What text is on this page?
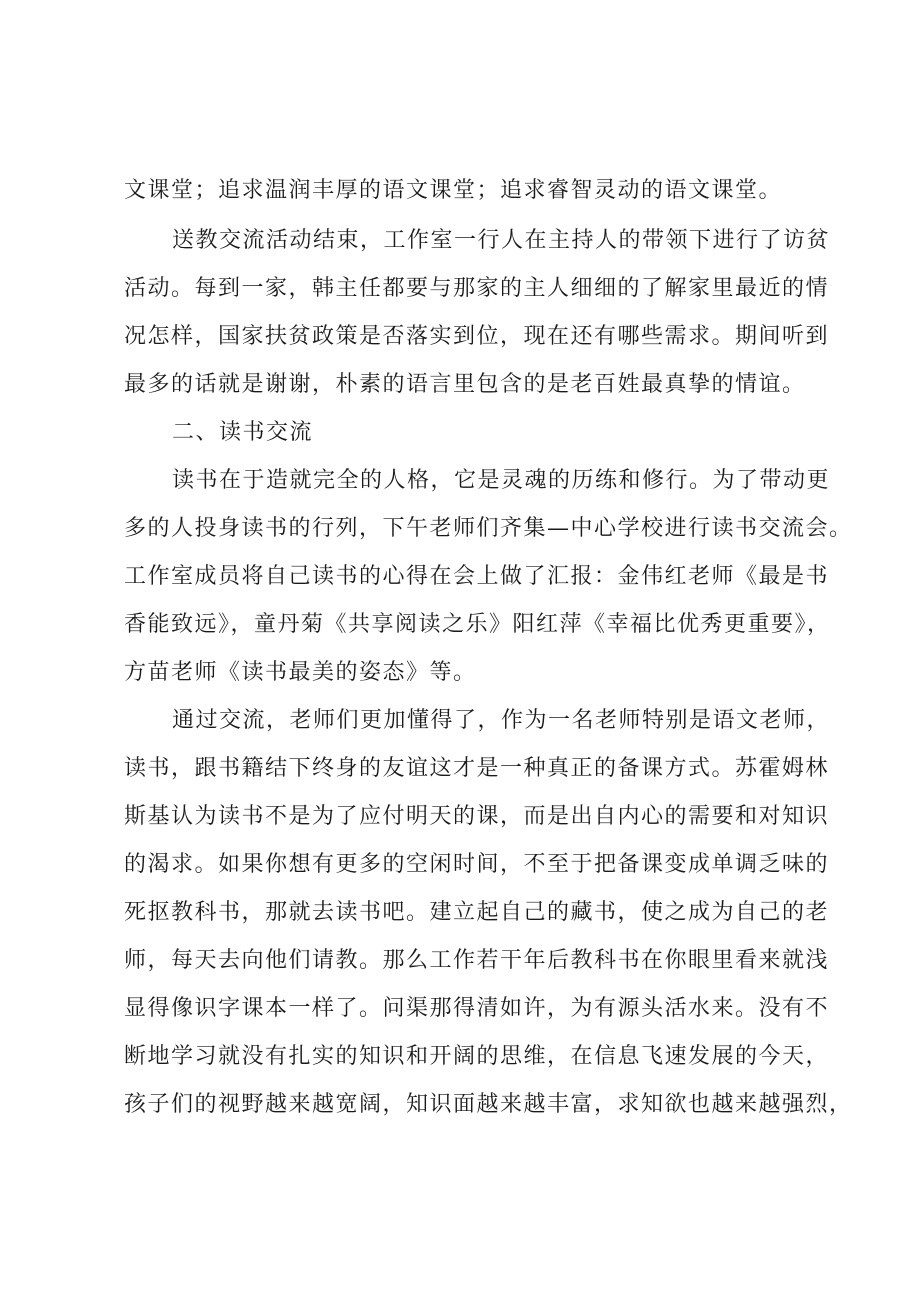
文课堂；追求温润丰厚的语文课堂；追求睿智灵动的语文课堂。

送教交流活动结束，工作室一行人在主持人的带领下进行了访贫

活动。每到一家，韩主任都要与那家的主人细细的了解家里最近的情

况怎样，国家扶贫政策是否落实到位，现在还有哪些需求。期间听到

最多的话就是谢谢，朴素的语言里包含的是老百姓最真挚的情谊。

二、读书交流

读书在于造就完全的人格，它是灵魂的历练和修行。为了带动更

多的人投身读书的行列，下午老师们齐集—中心学校进行读书交流会。

工作室成员将自己读书的心得在会上做了汇报：金伟红老师《最是书

香能致远》，童丹菊《共享阅读之乐》阳红萍《幸福比优秀更重要》，

方苗老师《读书最美的姿态》等。

通过交流，老师们更加懂得了，作为一名老师特别是语文老师，

读书，跟书籍结下终身的友谊这才是一种真正的备课方式。苏霍姆林

斯基认为读书不是为了应付明天的课，而是出自内心的需要和对知识

的渴求。如果你想有更多的空闲时间，不至于把备课变成单调乏味的

死抠教科书，那就去读书吧。建立起自己的藏书，使之成为自己的老

师，每天去向他们请教。那么工作若干年后教科书在你眼里看来就浅

显得像识字课本一样了。问渠那得清如许，为有源头活水来。没有不

断地学习就没有扎实的知识和开阔的思维，在信息飞速发展的今天，

孩子们的视野越来越宽阔，知识面越来越丰富，求知欲也越来越强烈，
